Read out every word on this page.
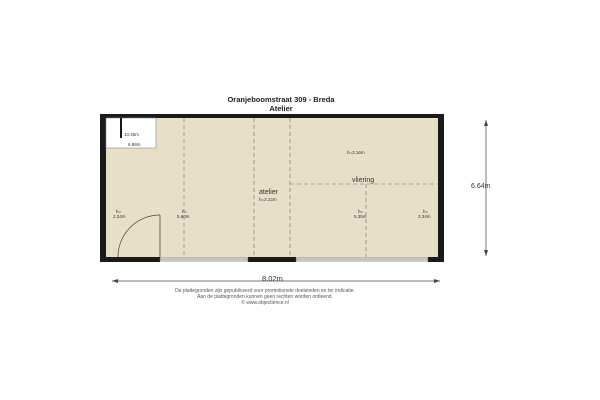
Oranjeboomstraat 309 - Breda
Atelier
10.45m
6.88m
h=3.16m
vliering
atelier
h=2.22m
h=
2.34m
h=
5.60m
h=
5.35m
h=
3.34m
8.02m
6.64m
De plattegronden zijn gepubliceerd voor promotionele doeleinden en ter indicatie.
Aan de plattegronden kunnen geen rechten worden ontleend.
© www.objectlence.nl
